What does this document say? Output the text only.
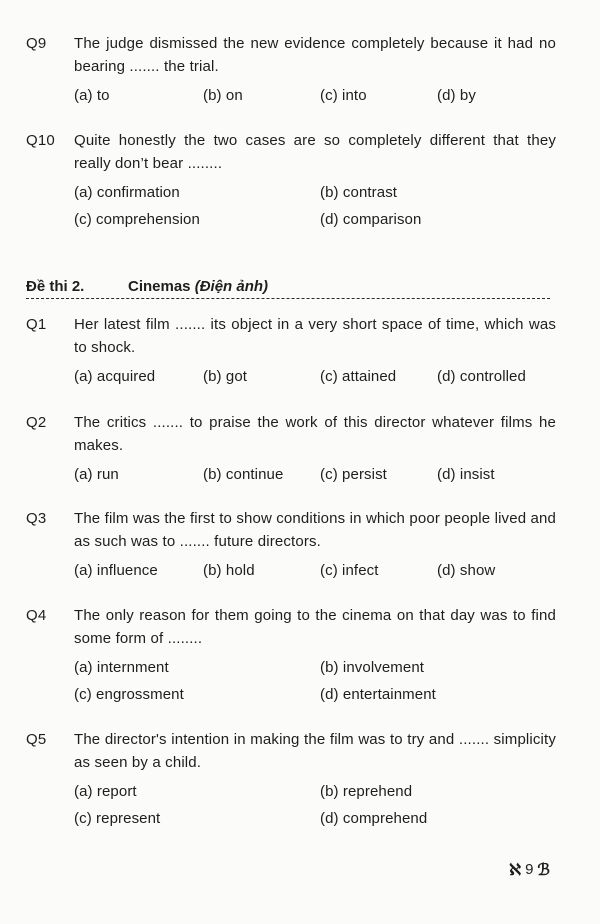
Q9 The judge dismissed the new evidence completely because it had no bearing ....... the trial.
(a) to	(b) on	(c) into	(d) by
Q10 Quite honestly the two cases are so completely different that they really don’t bear ........
(a) confirmation	(b) contrast
(c) comprehension	(d) comparison
Đề thi 2.	Cinemas (Điện ảnh)
Q1 Her latest film ....... its object in a very short space of time, which was to shock.
(a) acquired	(b) got	(c) attained	(d) controlled
Q2 The critics ....... to praise the work of this director whatever films he makes.
(a) run	(b) continue	(c) persist	(d) insist
Q3 The film was the first to show conditions in which poor people lived and as such was to ....... future directors.
(a) influence	(b) hold	(c) infect	(d) show
Q4 The only reason for them going to the cinema on that day was to find some form of ........
(a) internment	(b) involvement
(c) engrossment	(d) entertainment
Q5 The director's intention in making the film was to try and ....... simplicity as seen by a child.
(a) report	(b) reprehend
(c) represent	(d) comprehend
ℵ 9 ℬ
